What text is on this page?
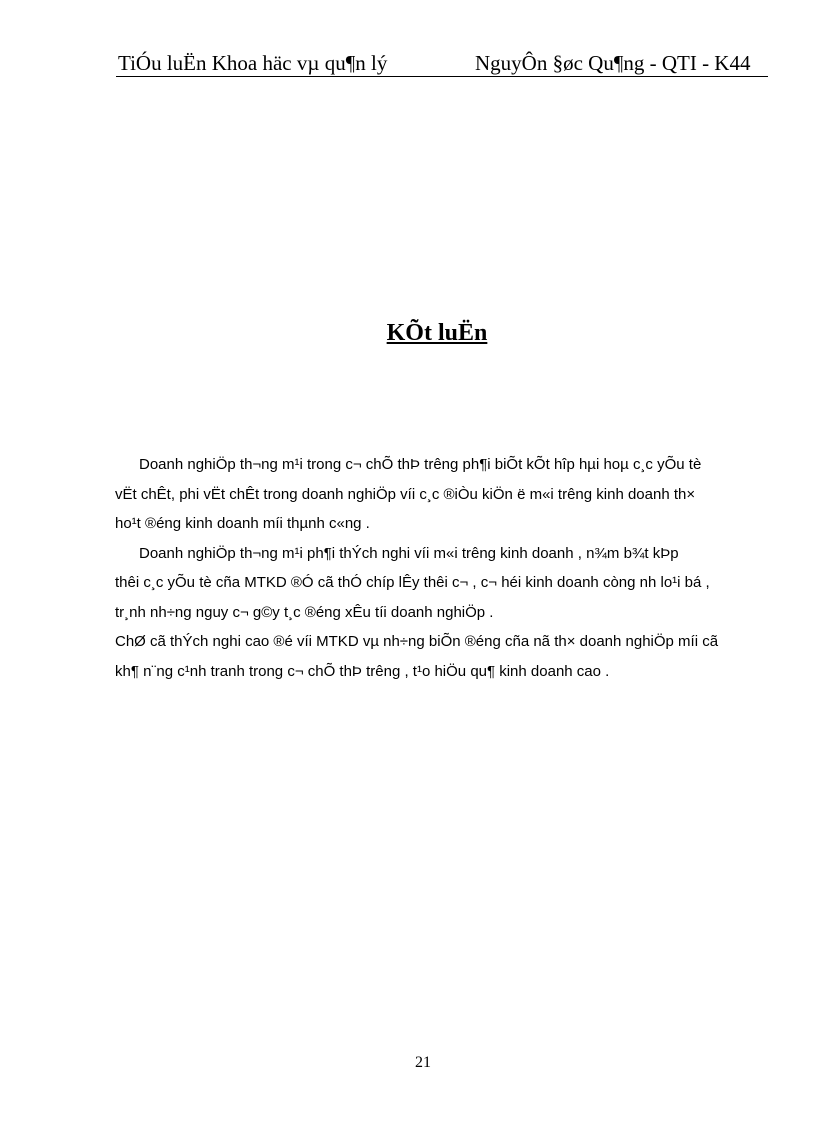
TiÓu luËn Khoa häc vµ qu¶n lý	NguyÔn §øc Qu¶ng - QTI - K44
KÕt luËn
Doanh nghiÖp th¬ng m¹i trong c¬ chÕ thÞ trêng ph¶i biÕt kÕt hîp hµi hoµ c¸c yÕu tè
vËt chÊt, phi vËt chÊt trong doanh nghiÖp víi c¸c ®iÒu kiÖn ë m«i trêng kinh doanh th×
ho¹t ®éng kinh doanh míi thµnh c«ng .
Doanh nghiÖp th¬ng m¹i ph¶i thÝch nghi víi m«i trêng kinh doanh , n¾m b¾t kÞp
thêi c¸c yÕu tè cña MTKD ®Ó cã thÓ chíp lÊy thêi c¬ , c¬ héi kinh doanh còng nh lo¹i bá ,
tr¸nh nh÷ng nguy c¬ g©y t¸c ®éng xÊu tíi doanh nghiÖp .
ChØ cã thÝch nghi cao ®é víi MTKD vµ nh÷ng biÕn ®éng cña nã th× doanh nghiÖp míi cã
kh¶ n¨ng c¹nh tranh trong c¬ chÕ thÞ trêng , t¹o hiÖu qu¶ kinh doanh cao .
21
